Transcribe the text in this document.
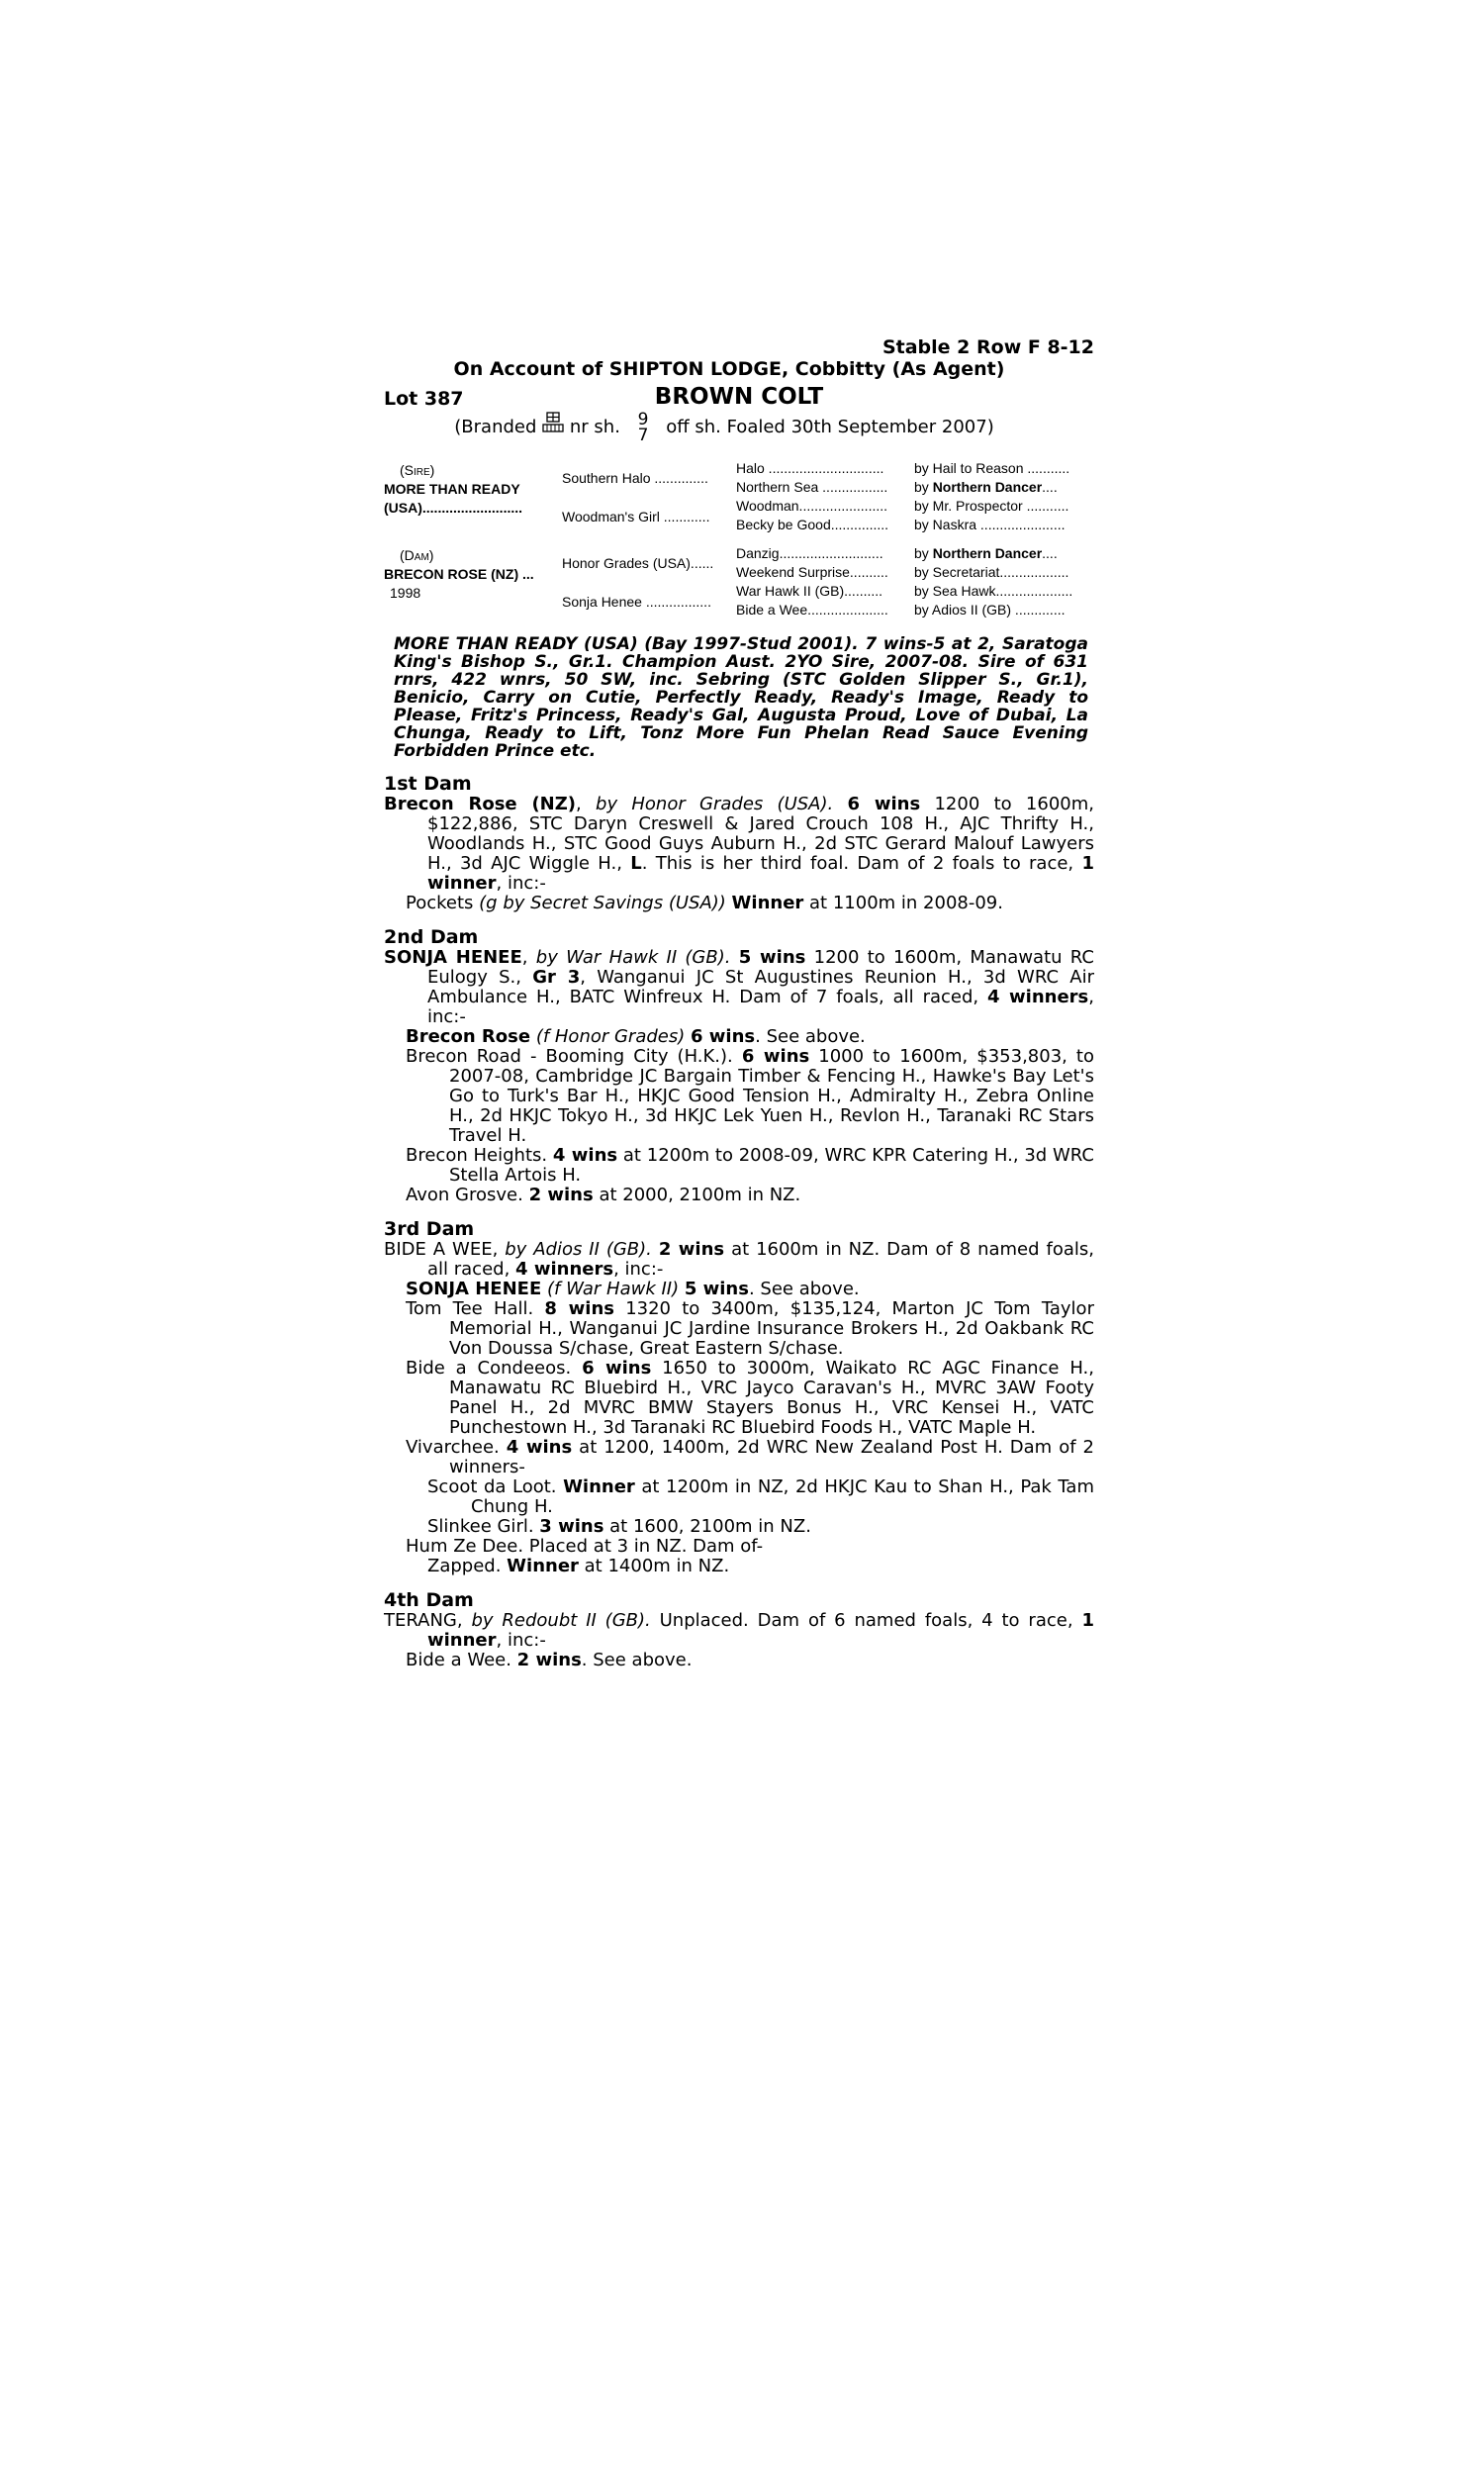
Stable 2 Row F 8-12
On Account of SHIPTON LODGE, Cobbitty (As Agent)
Lot 387	BROWN COLT
(Branded nr sh. 9
7 off sh. Foaled 30th September 2007)
(Sire)
MORE THAN READY
(USA)..........................
(Dam)
BRECON ROSE (NZ) ...
1998
Southern Halo ..............
Woodman's Girl ............
Honor Grades (USA)......
Sonja Henee .................
Halo ..............................
Northern Sea .................
Woodman.......................
Becky be Good...............
Danzig...........................
Weekend Surprise..........
War Hawk II (GB)..........
Bide a Wee.....................
by Hail to Reason ...........
by Northern Dancer....
by Mr. Prospector ...........
by Naskra ......................
by Northern Dancer....
by Secretariat..................
by Sea Hawk....................
by Adios II (GB) .............
MORE THAN READY (USA) (Bay 1997-Stud 2001). 7 wins-5 at 2, Saratoga King's Bishop S., Gr.1. Champion Aust. 2YO Sire, 2007-08. Sire of 631 rnrs, 422 wnrs, 50 SW, inc. Sebring (STC Golden Slipper S., Gr.1), Benicio, Carry on Cutie, Perfectly Ready, Ready's Image, Ready to Please, Fritz's Princess, Ready's Gal, Augusta Proud, Love of Dubai, La Chunga, Ready to Lift, Tonz More Fun Phelan Read Sauce Evening Forbidden Prince etc.
1st Dam
Brecon Rose (NZ), by Honor Grades (USA). 6 wins 1200 to 1600m, $122,886, STC Daryn Creswell & Jared Crouch 108 H., AJC Thrifty H., Woodlands H., STC Good Guys Auburn H., 2d STC Gerard Malouf Lawyers H., 3d AJC Wiggle H., L. This is her third foal. Dam of 2 foals to race, 1 winner, inc:-
Pockets (g by Secret Savings (USA)) Winner at 1100m in 2008-09.
2nd Dam
SONJA HENEE, by War Hawk II (GB). 5 wins 1200 to 1600m, Manawatu RC Eulogy S., Gr 3, Wanganui JC St Augustines Reunion H., 3d WRC Air Ambulance H., BATC Winfreux H. Dam of 7 foals, all raced, 4 winners, inc:-
Brecon Rose (f Honor Grades) 6 wins. See above.
Brecon Road - Booming City (H.K.). 6 wins 1000 to 1600m, $353,803, to 2007-08, Cambridge JC Bargain Timber & Fencing H., Hawke's Bay Let's Go to Turk's Bar H., HKJC Good Tension H., Admiralty H., Zebra Online H., 2d HKJC Tokyo H., 3d HKJC Lek Yuen H., Revlon H., Taranaki RC Stars Travel H.
Brecon Heights. 4 wins at 1200m to 2008-09, WRC KPR Catering H., 3d WRC Stella Artois H.
Avon Grosve. 2 wins at 2000, 2100m in NZ.
3rd Dam
BIDE A WEE, by Adios II (GB). 2 wins at 1600m in NZ. Dam of 8 named foals, all raced, 4 winners, inc:-
SONJA HENEE (f War Hawk II) 5 wins. See above.
Tom Tee Hall. 8 wins 1320 to 3400m, $135,124, Marton JC Tom Taylor Memorial H., Wanganui JC Jardine Insurance Brokers H., 2d Oakbank RC Von Doussa S/chase, Great Eastern S/chase.
Bide a Condeeos. 6 wins 1650 to 3000m, Waikato RC AGC Finance H., Manawatu RC Bluebird H., VRC Jayco Caravan's H., MVRC 3AW Footy Panel H., 2d MVRC BMW Stayers Bonus H., VRC Kensei H., VATC Punchestown H., 3d Taranaki RC Bluebird Foods H., VATC Maple H.
Vivarchee. 4 wins at 1200, 1400m, 2d WRC New Zealand Post H. Dam of 2 winners-
Scoot da Loot. Winner at 1200m in NZ, 2d HKJC Kau to Shan H., Pak Tam Chung H.
Slinkee Girl. 3 wins at 1600, 2100m in NZ.
Hum Ze Dee. Placed at 3 in NZ. Dam of-
Zapped. Winner at 1400m in NZ.
4th Dam
TERANG, by Redoubt II (GB). Unplaced. Dam of 6 named foals, 4 to race, 1 winner, inc:-
Bide a Wee. 2 wins. See above.
